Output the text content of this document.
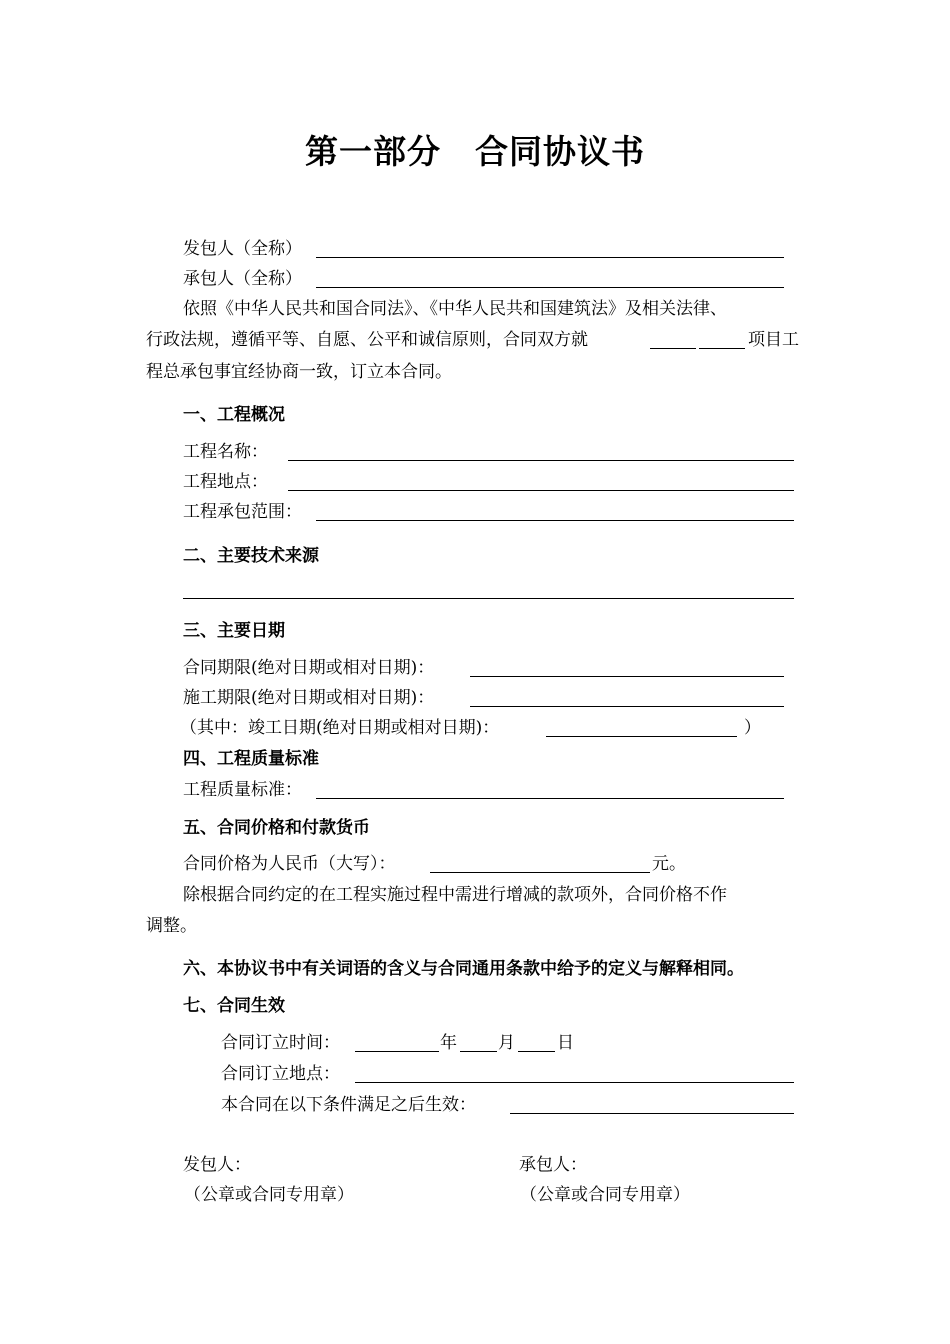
第一部分　合同协议书
发包人（全称）
承包人（全称）
依照《中华人民共和国合同法》、《中华人民共和国建筑法》及相关法律、
行政法规，遵循平等、自愿、公平和诚信原则，合同双方就	项目工
程总承包事宜经协商一致，订立本合同。
一、工程概况
工程名称：
工程地点：
工程承包范围：
二、主要技术来源
三、主要日期
合同期限(绝对日期或相对日期)：
施工期限(绝对日期或相对日期)：
（其中：竣工日期(绝对日期或相对日期)：	）
四、工程质量标准
工程质量标准：
五、合同价格和付款货币
合同价格为人民币（大写）：	元。
除根据合同约定的在工程实施过程中需进行增减的款项外，合同价格不作
调整。
六、本协议书中有关词语的含义与合同通用条款中给予的定义与解释相同。
七、合同生效
合同订立时间：	年 月 日
合同订立地点：
本合同在以下条件满足之后生效：
发包人：
（公章或合同专用章）
承包人：
（公章或合同专用章）
